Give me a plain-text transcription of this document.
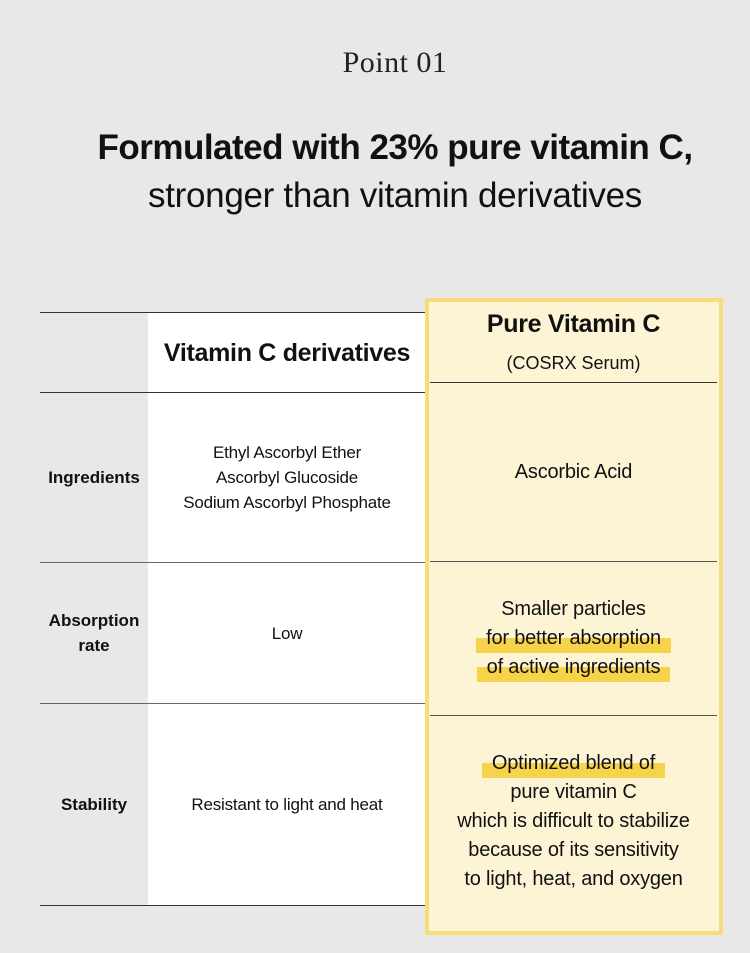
Point 01
Formulated with 23% pure vitamin C,
stronger than vitamin derivatives
Vitamin C derivatives
Pure Vitamin C
(COSRX Serum)
Ingredients
Ethyl Ascorbyl Ether
Ascorbyl Glucoside
Sodium Ascorbyl Phosphate
Ascorbic Acid
Absorption
rate
Low
Smaller particles
for better absorption
of active ingredients
Stability	Resistant to light and heat
Optimized blend of
pure vitamin C
which is difficult to stabilize
because of its sensitivity
to light, heat, and oxygen
